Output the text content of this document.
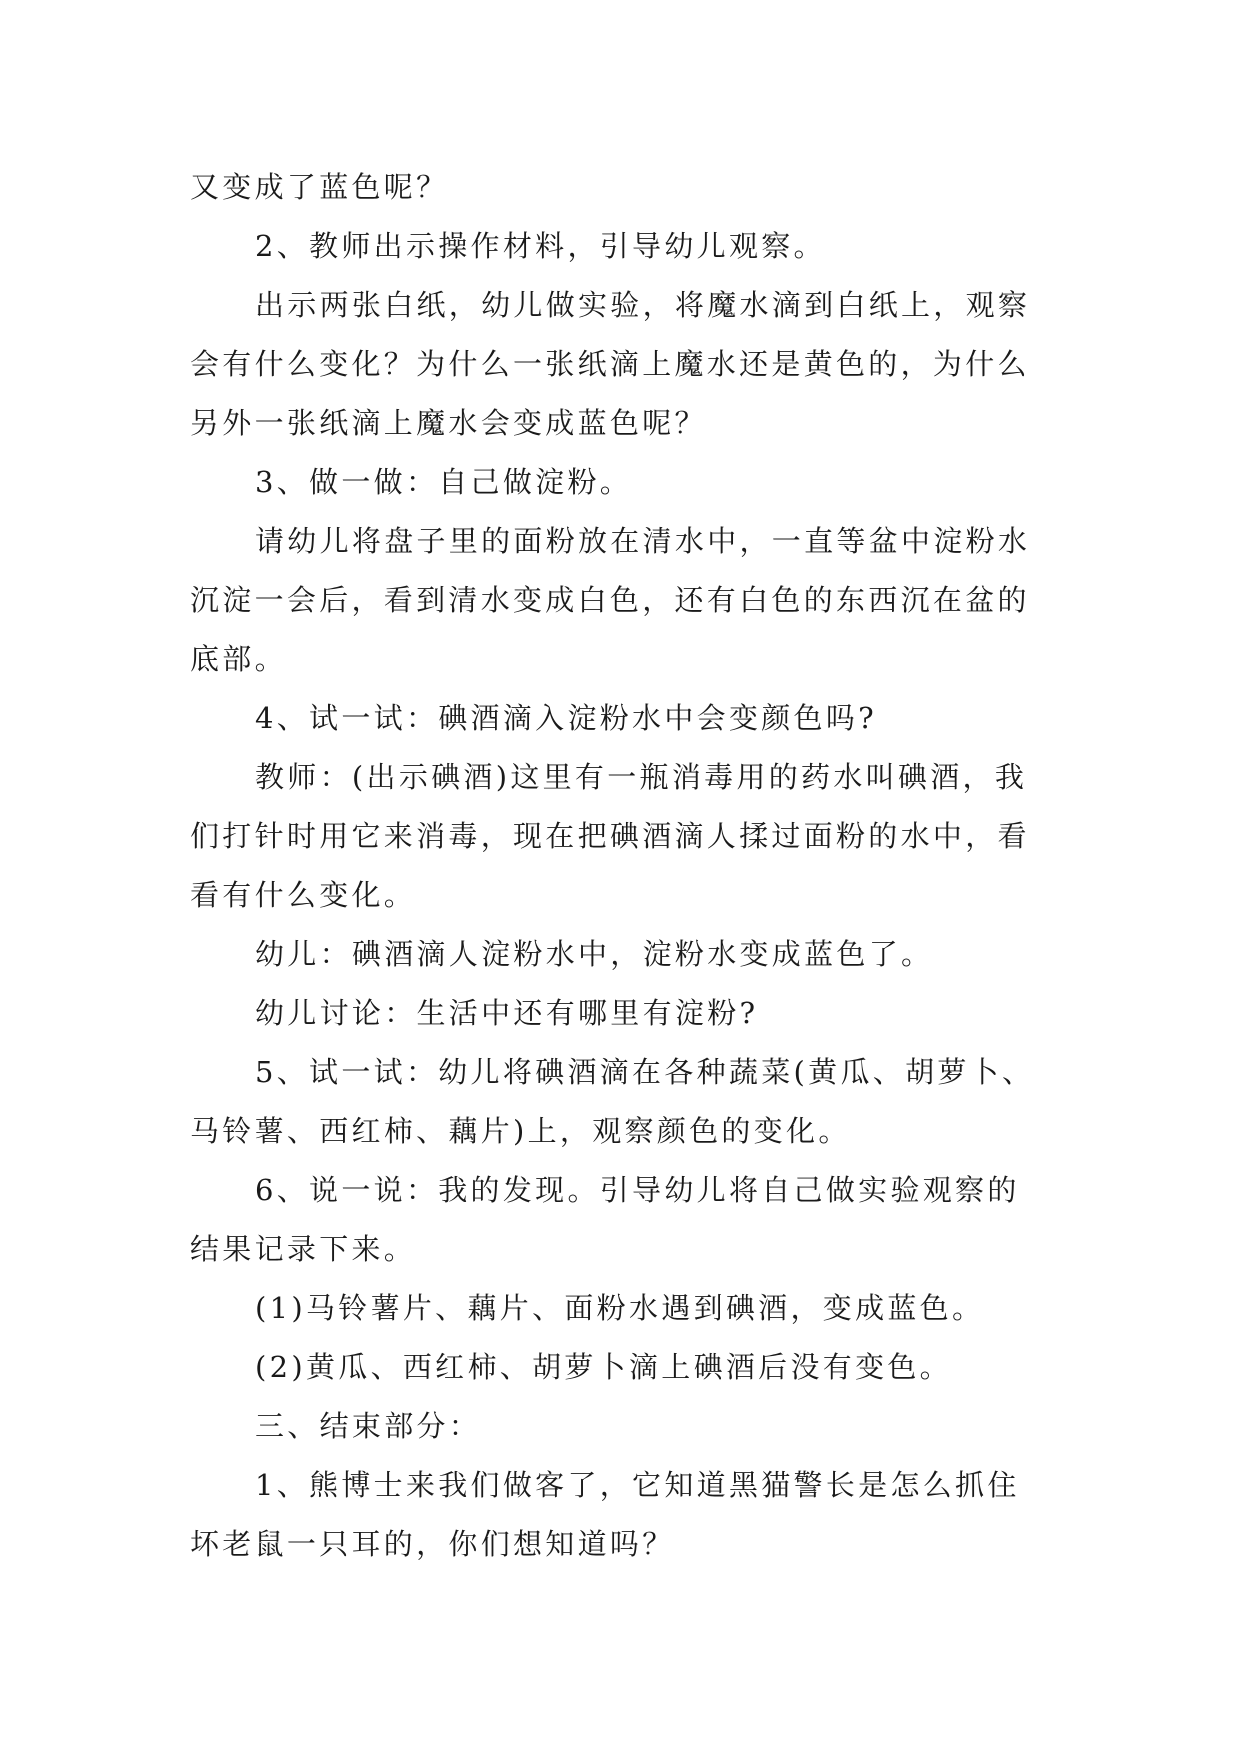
又变成了蓝色呢？

2、教师出示操作材料，引导幼儿观察。

出示两张白纸，幼儿做实验，将魔水滴到白纸上，观察

会有什么变化？为什么一张纸滴上魔水还是黄色的，为什么

另外一张纸滴上魔水会变成蓝色呢？

3、做一做：自己做淀粉。

请幼儿将盘子里的面粉放在清水中，一直等盆中淀粉水

沉淀一会后，看到清水变成白色，还有白色的东西沉在盆的

底部。

4、试一试：碘酒滴入淀粉水中会变颜色吗?

教师：(出示碘酒)这里有一瓶消毒用的药水叫碘酒，我

们打针时用它来消毒，现在把碘酒滴人揉过面粉的水中，看

看有什么变化。

幼儿：碘酒滴人淀粉水中，淀粉水变成蓝色了。

幼儿讨论：生活中还有哪里有淀粉?

5、试一试：幼儿将碘酒滴在各种蔬菜(黄瓜、胡萝卜、

马铃薯、西红柿、藕片)上，观察颜色的变化。

6、说一说：我的发现。引导幼儿将自己做实验观察的

结果记录下来。

(1)马铃薯片、藕片、面粉水遇到碘酒，变成蓝色。

(2)黄瓜、西红柿、胡萝卜滴上碘酒后没有变色。

三、结束部分：

1、熊博士来我们做客了，它知道黑猫警长是怎么抓住

坏老鼠一只耳的，你们想知道吗？
